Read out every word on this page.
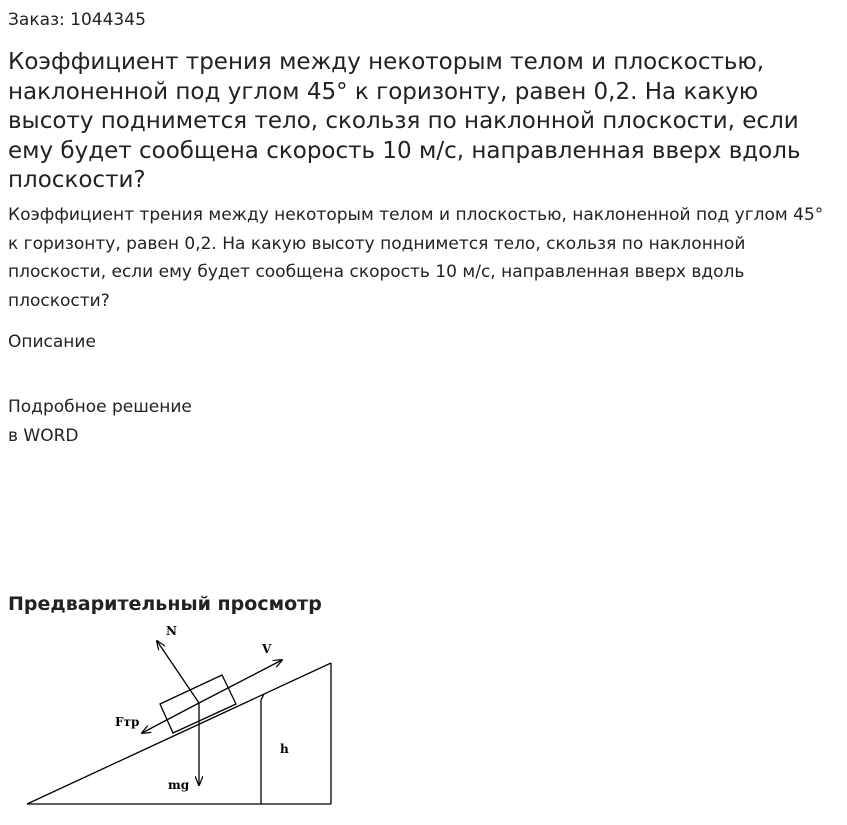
Заказ: 1044345
Коэффициент трения между некоторым телом и плоскостью, наклоненной под углом 45° к горизонту, равен 0,2. На какую высоту поднимется тело, скользя по наклонной плоскости, если ему будет сообщена скорость 10 м/с, направленная вверх вдоль плоскости?

Коэффициент трения между некоторым телом и плоскостью, наклоненной под углом 45° к горизонту, равен 0,2. На какую высоту поднимется тело, скользя по наклонной плоскости, если ему будет сообщена скорость 10 м/с, направленная вверх вдоль плоскости?

Описание
Подробное решение
в WORD
Предварительный просмотр
N
V
Fтр
h
mg
